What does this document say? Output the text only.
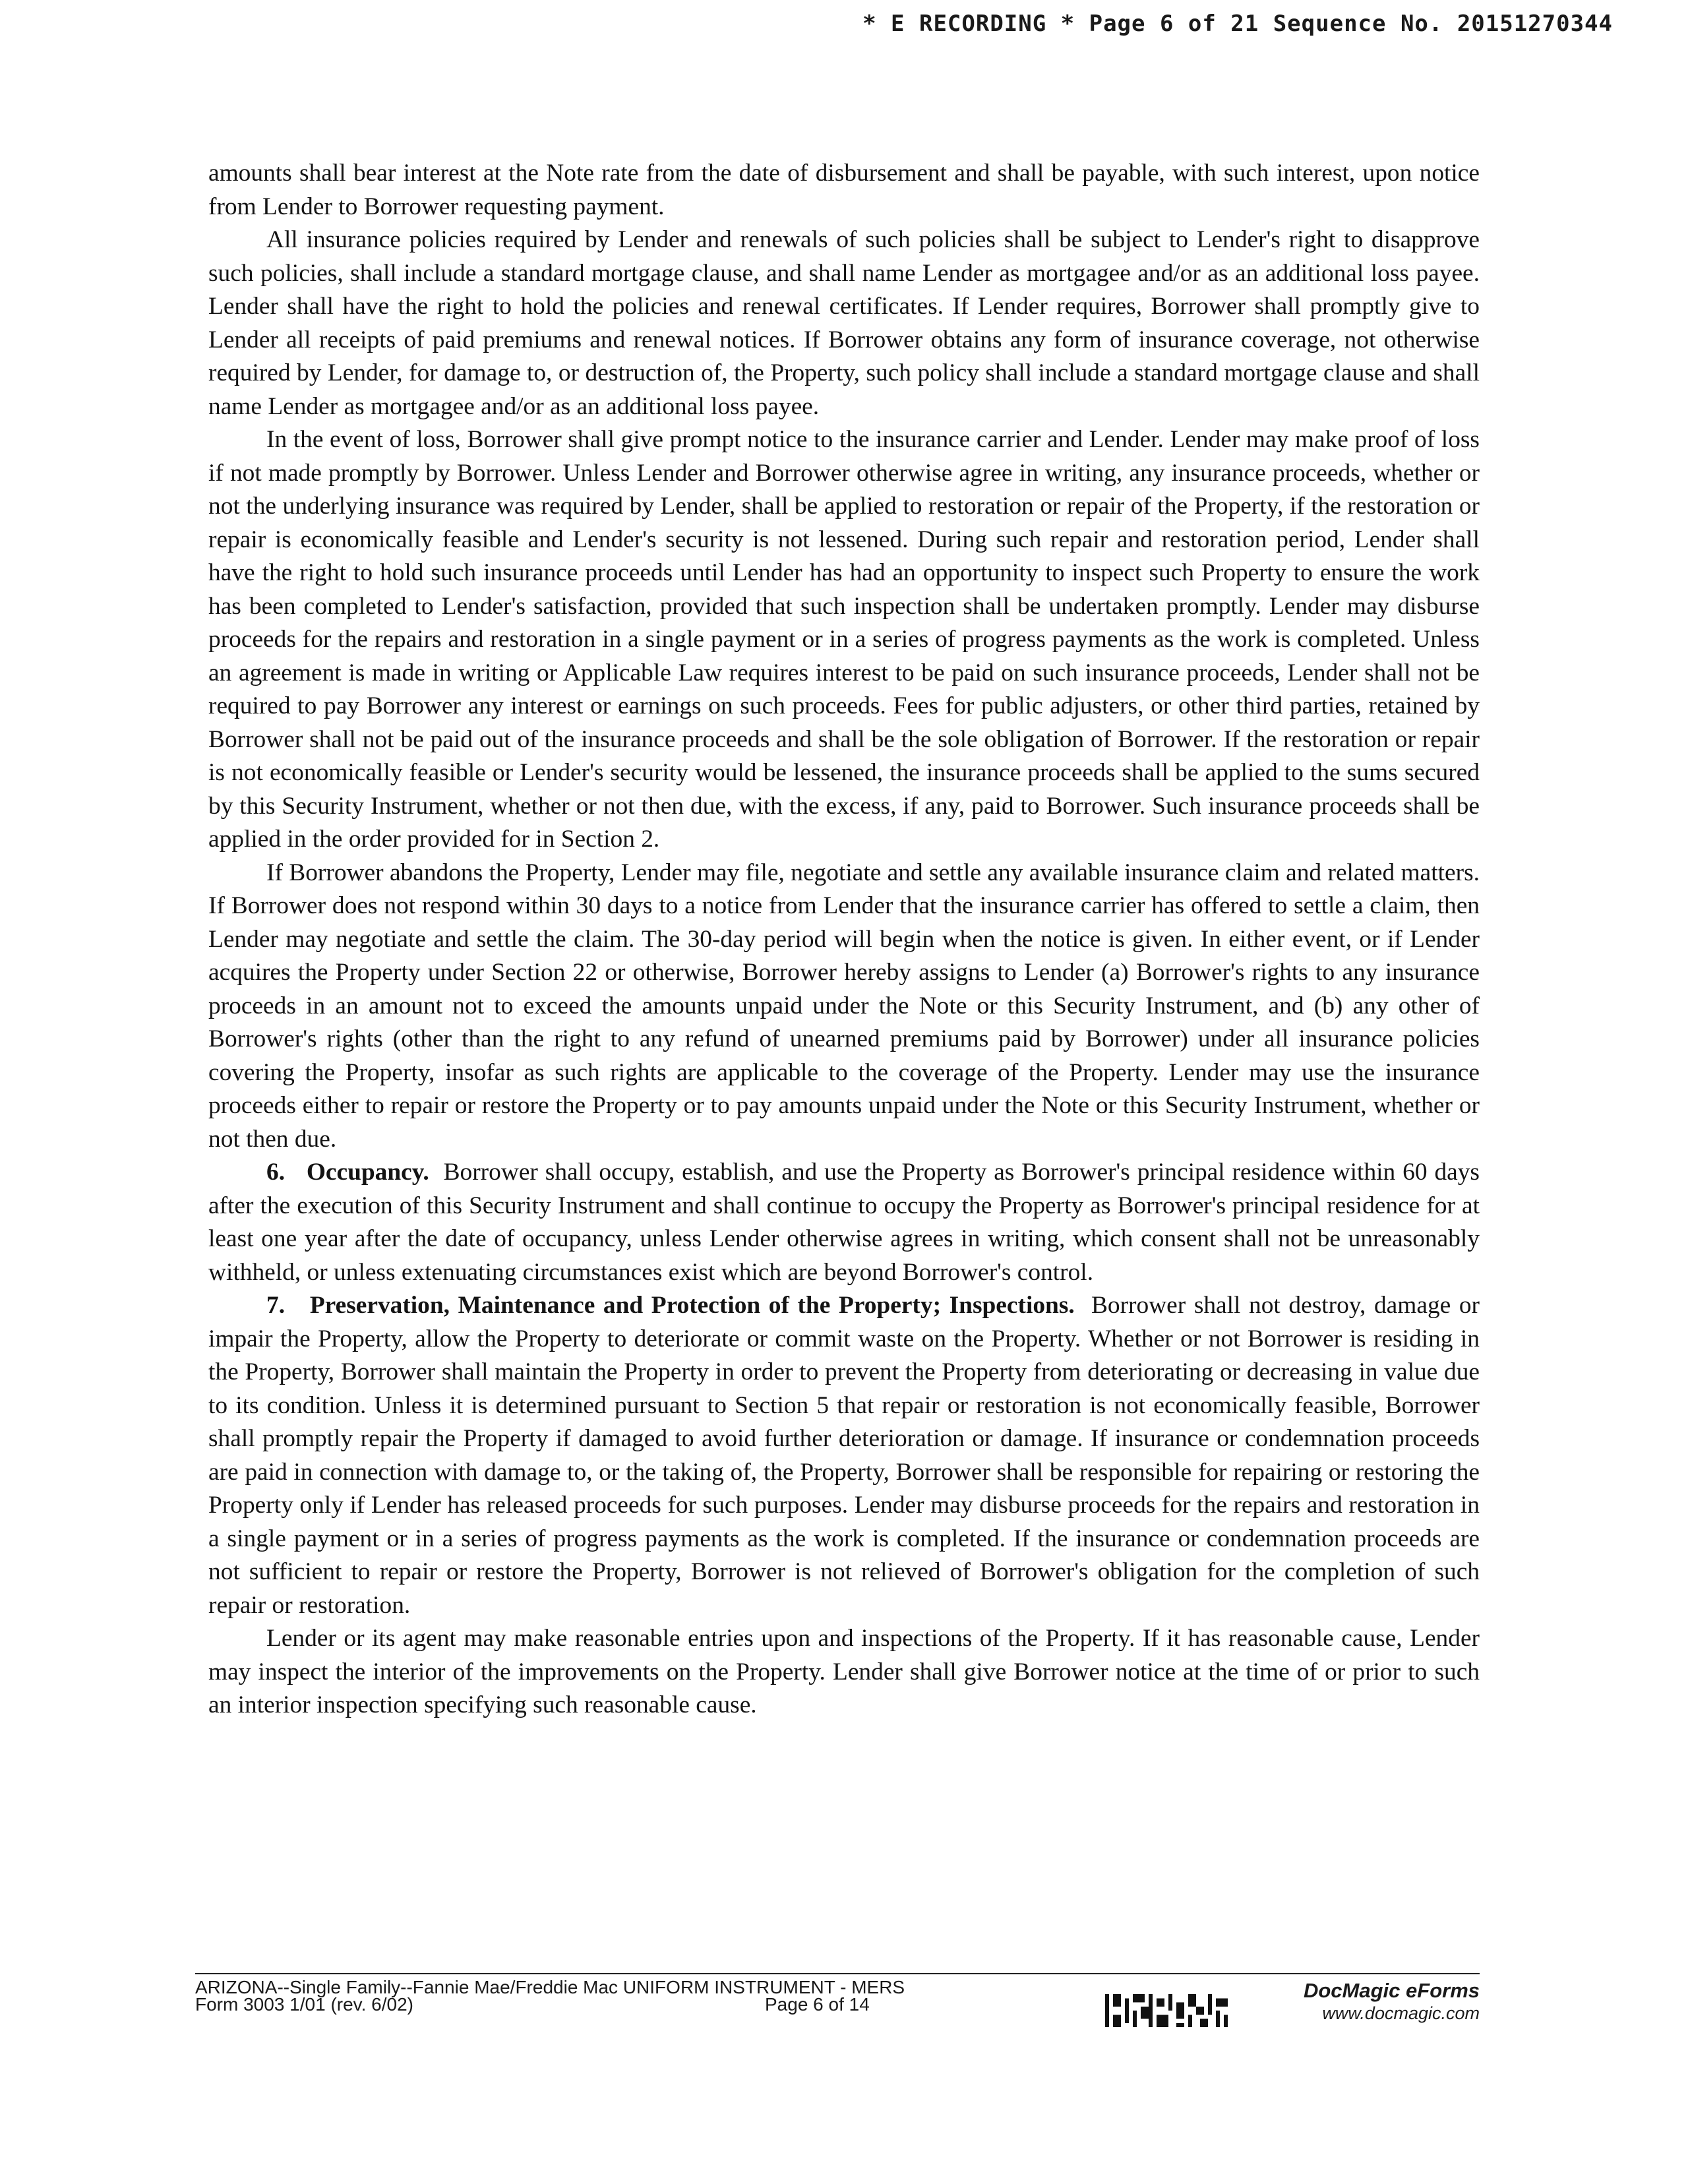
* E RECORDING * Page 6 of 21 Sequence No. 20151270344

amounts shall bear interest at the Note rate from the date of disbursement and shall be payable, with such interest, upon notice from Lender to Borrower requesting payment.

All insurance policies required by Lender and renewals of such policies shall be subject to Lender's right to disapprove such policies, shall include a standard mortgage clause, and shall name Lender as mortgagee and/or as an additional loss payee. Lender shall have the right to hold the policies and renewal certificates. If Lender requires, Borrower shall promptly give to Lender all receipts of paid premiums and renewal notices. If Borrower obtains any form of insurance coverage, not otherwise required by Lender, for damage to, or destruction of, the Property, such policy shall include a standard mortgage clause and shall name Lender as mortgagee and/or as an additional loss payee.

In the event of loss, Borrower shall give prompt notice to the insurance carrier and Lender. Lender may make proof of loss if not made promptly by Borrower. Unless Lender and Borrower otherwise agree in writing, any insurance proceeds, whether or not the underlying insurance was required by Lender, shall be applied to restoration or repair of the Property, if the restoration or repair is economically feasible and Lender's security is not lessened. During such repair and restoration period, Lender shall have the right to hold such insurance proceeds until Lender has had an opportunity to inspect such Property to ensure the work has been completed to Lender's satisfaction, provided that such inspection shall be undertaken promptly. Lender may disburse proceeds for the repairs and restoration in a single payment or in a series of progress payments as the work is completed. Unless an agreement is made in writing or Applicable Law requires interest to be paid on such insurance proceeds, Lender shall not be required to pay Borrower any interest or earnings on such proceeds. Fees for public adjusters, or other third parties, retained by Borrower shall not be paid out of the insurance proceeds and shall be the sole obligation of Borrower. If the restoration or repair is not economically feasible or Lender's security would be lessened, the insurance proceeds shall be applied to the sums secured by this Security Instrument, whether or not then due, with the excess, if any, paid to Borrower. Such insurance proceeds shall be applied in the order provided for in Section 2.

If Borrower abandons the Property, Lender may file, negotiate and settle any available insurance claim and related matters. If Borrower does not respond within 30 days to a notice from Lender that the insurance carrier has offered to settle a claim, then Lender may negotiate and settle the claim. The 30-day period will begin when the notice is given. In either event, or if Lender acquires the Property under Section 22 or otherwise, Borrower hereby assigns to Lender (a) Borrower's rights to any insurance proceeds in an amount not to exceed the amounts unpaid under the Note or this Security Instrument, and (b) any other of Borrower's rights (other than the right to any refund of unearned premiums paid by Borrower) under all insurance policies covering the Property, insofar as such rights are applicable to the coverage of the Property. Lender may use the insurance proceeds either to repair or restore the Property or to pay amounts unpaid under the Note or this Security Instrument, whether or not then due.

6. Occupancy. Borrower shall occupy, establish, and use the Property as Borrower's principal residence within 60 days after the execution of this Security Instrument and shall continue to occupy the Property as Borrower's principal residence for at least one year after the date of occupancy, unless Lender otherwise agrees in writing, which consent shall not be unreasonably withheld, or unless extenuating circumstances exist which are beyond Borrower's control.

7. Preservation, Maintenance and Protection of the Property; Inspections. Borrower shall not destroy, damage or impair the Property, allow the Property to deteriorate or commit waste on the Property. Whether or not Borrower is residing in the Property, Borrower shall maintain the Property in order to prevent the Property from deteriorating or decreasing in value due to its condition. Unless it is determined pursuant to Section 5 that repair or restoration is not economically feasible, Borrower shall promptly repair the Property if damaged to avoid further deterioration or damage. If insurance or condemnation proceeds are paid in connection with damage to, or the taking of, the Property, Borrower shall be responsible for repairing or restoring the Property only if Lender has released proceeds for such purposes. Lender may disburse proceeds for the repairs and restoration in a single payment or in a series of progress payments as the work is completed. If the insurance or condemnation proceeds are not sufficient to repair or restore the Property, Borrower is not relieved of Borrower's obligation for the completion of such repair or restoration.

Lender or its agent may make reasonable entries upon and inspections of the Property. If it has reasonable cause, Lender may inspect the interior of the improvements on the Property. Lender shall give Borrower notice at the time of or prior to such an interior inspection specifying such reasonable cause.

ARIZONA--Single Family--Fannie Mae/Freddie Mac UNIFORM INSTRUMENT - MERS
Form 3003 1/01 (rev. 6/02)	Page 6 of 14
DocMagic eForms
www.docmagic.com
